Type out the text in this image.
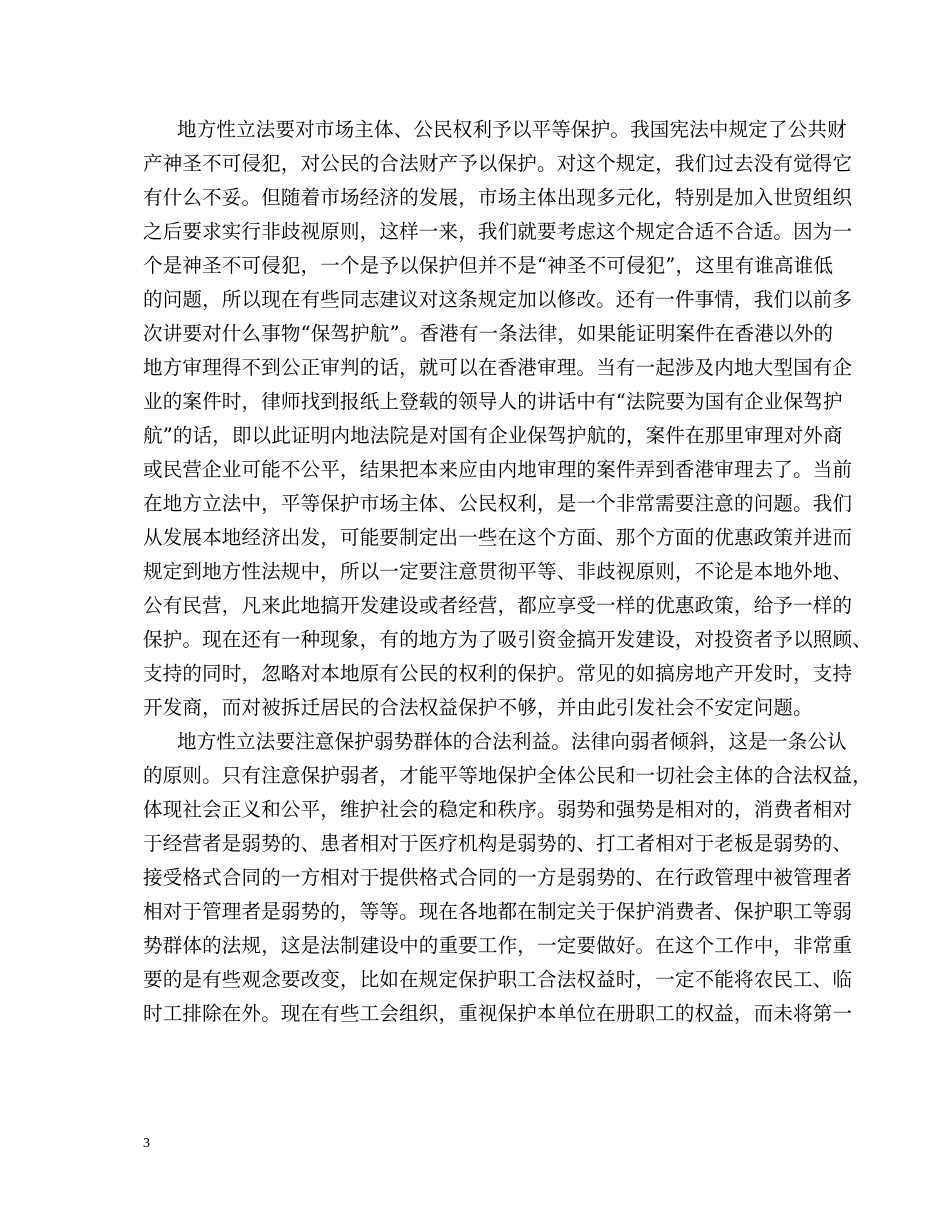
地方性立法要对市场主体、公民权利予以平等保护。我国宪法中规定了公共财
产神圣不可侵犯，对公民的合法财产予以保护。对这个规定，我们过去没有觉得它
有什么不妥。但随着市场经济的发展，市场主体出现多元化，特别是加入世贸组织
之后要求实行非歧视原则，这样一来，我们就要考虑这个规定合适不合适。因为一
个是神圣不可侵犯，一个是予以保护但并不是“神圣不可侵犯”，这里有谁高谁低
的问题，所以现在有些同志建议对这条规定加以修改。还有一件事情，我们以前多
次讲要对什么事物“保驾护航”。香港有一条法律，如果能证明案件在香港以外的
地方审理得不到公正审判的话，就可以在香港审理。当有一起涉及内地大型国有企
业的案件时，律师找到报纸上登载的领导人的讲话中有“法院要为国有企业保驾护
航”的话，即以此证明内地法院是对国有企业保驾护航的，案件在那里审理对外商
或民营企业可能不公平，结果把本来应由内地审理的案件弄到香港审理去了。当前
在地方立法中，平等保护市场主体、公民权利，是一个非常需要注意的问题。我们
从发展本地经济出发，可能要制定出一些在这个方面、那个方面的优惠政策并进而
规定到地方性法规中，所以一定要注意贯彻平等、非歧视原则，不论是本地外地、
公有民营，凡来此地搞开发建设或者经营，都应享受一样的优惠政策，给予一样的
保护。现在还有一种现象，有的地方为了吸引资金搞开发建设，对投资者予以照顾、
支持的同时，忽略对本地原有公民的权利的保护。常见的如搞房地产开发时，支持
开发商，而对被拆迁居民的合法权益保护不够，并由此引发社会不安定问题。
地方性立法要注意保护弱势群体的合法利益。法律向弱者倾斜，这是一条公认
的原则。只有注意保护弱者，才能平等地保护全体公民和一切社会主体的合法权益，
体现社会正义和公平，维护社会的稳定和秩序。弱势和强势是相对的，消费者相对
于经营者是弱势的、患者相对于医疗机构是弱势的、打工者相对于老板是弱势的、
接受格式合同的一方相对于提供格式合同的一方是弱势的、在行政管理中被管理者
相对于管理者是弱势的，等等。现在各地都在制定关于保护消费者、保护职工等弱
势群体的法规，这是法制建设中的重要工作，一定要做好。在这个工作中，非常重
要的是有些观念要改变，比如在规定保护职工合法权益时，一定不能将农民工、临
时工排除在外。现在有些工会组织，重视保护本单位在册职工的权益，而未将第一
3
